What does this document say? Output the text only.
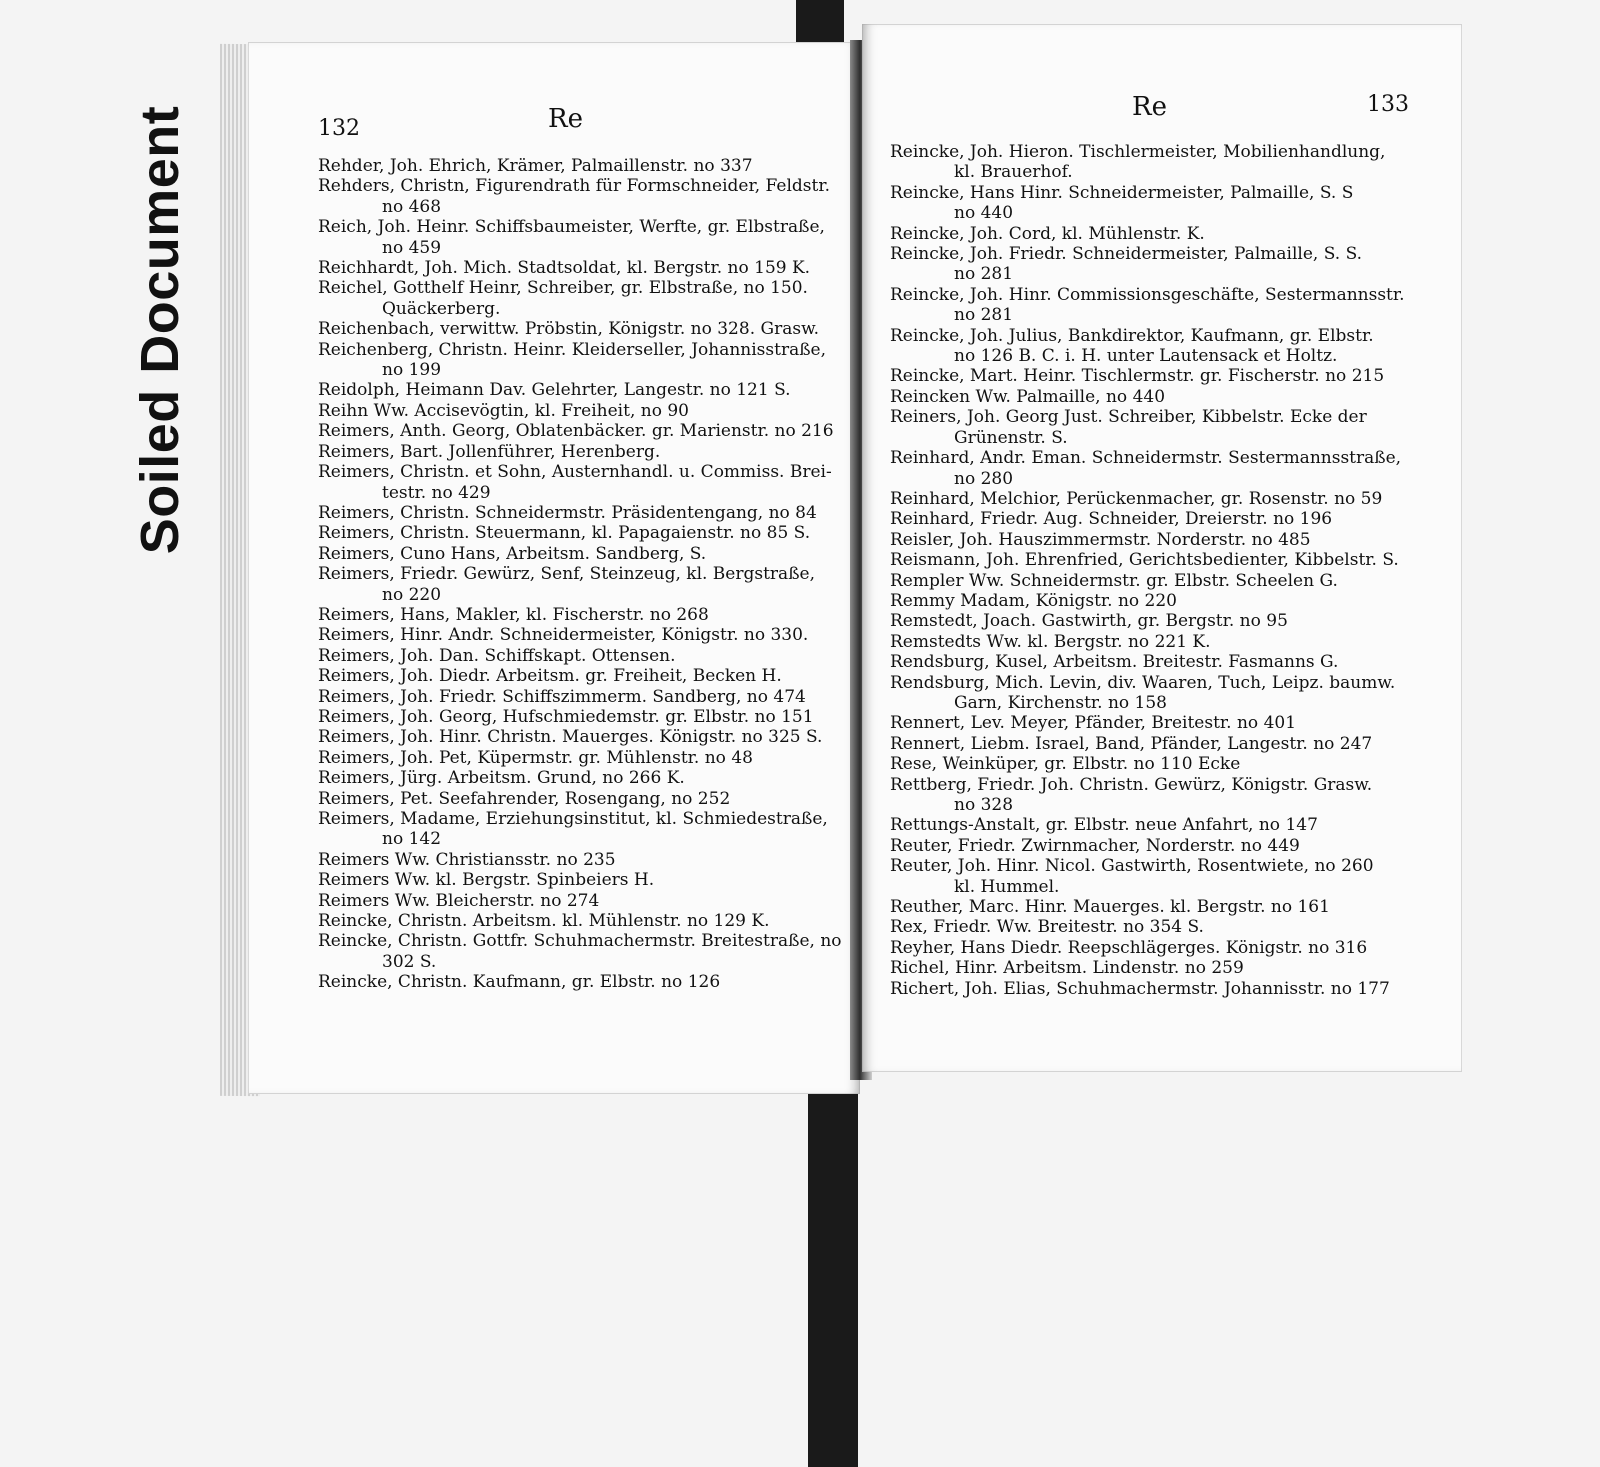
Soiled Document	132	Re
Rehder, Joh. Ehrich, Krämer, Palmaillenstr. no 337
Rehders, Christn, Figurendrath für Formschneider, Feldstr.
no 468
Reich, Joh. Heinr. Schiffsbaumeister, Werfte, gr. Elbstraße,
no 459
Reichhardt, Joh. Mich. Stadtsoldat, kl. Bergstr. no 159 K.
Reichel, Gotthelf Heinr, Schreiber, gr. Elbstraße, no 150.
Quäckerberg.
Reichenbach, verwittw. Pröbstin, Königstr. no 328. Grasw.
Reichenberg, Christn. Heinr. Kleiderseller, Johannisstraße,
no 199
Reidolph, Heimann Dav. Gelehrter, Langestr. no 121 S.
Reihn Ww. Accisevögtin, kl. Freiheit, no 90
Reimers, Anth. Georg, Oblatenbäcker. gr. Marienstr. no 216
Reimers, Bart. Jollenführer, Herenberg.
Reimers, Christn. et Sohn, Austernhandl. u. Commiss. Brei-
testr. no 429
Reimers, Christn. Schneidermstr. Präsidentengang, no 84
Reimers, Christn. Steuermann, kl. Papagaienstr. no 85 S.
Reimers, Cuno Hans, Arbeitsm. Sandberg, S.
Reimers, Friedr. Gewürz, Senf, Steinzeug, kl. Bergstraße,
no 220
Reimers, Hans, Makler, kl. Fischerstr. no 268
Reimers, Hinr. Andr. Schneidermeister, Königstr. no 330.
Reimers, Joh. Dan. Schiffskapt. Ottensen.
Reimers, Joh. Diedr. Arbeitsm. gr. Freiheit, Becken H.
Reimers, Joh. Friedr. Schiffszimmerm. Sandberg, no 474
Reimers, Joh. Georg, Hufschmiedemstr. gr. Elbstr. no 151
Reimers, Joh. Hinr. Christn. Mauerges. Königstr. no 325 S.
Reimers, Joh. Pet, Küpermstr. gr. Mühlenstr. no 48
Reimers, Jürg. Arbeitsm. Grund, no 266 K.
Reimers, Pet. Seefahrender, Rosengang, no 252
Reimers, Madame, Erziehungsinstitut, kl. Schmiedestraße,
no 142
Reimers Ww. Christiansstr. no 235
Reimers Ww. kl. Bergstr. Spinbeiers H.
Reimers Ww. Bleicherstr. no 274
Reincke, Christn. Arbeitsm. kl. Mühlenstr. no 129 K.
Reincke, Christn. Gottfr. Schuhmachermstr. Breitestraße, no
302 S.
Reincke, Christn. Kaufmann, gr. Elbstr. no 126
Re	133
Reincke, Joh. Hieron. Tischlermeister, Mobilienhandlung,
kl. Brauerhof.
Reincke, Hans Hinr. Schneidermeister, Palmaille, S. S
no 440
Reincke, Joh. Cord, kl. Mühlenstr. K.
Reincke, Joh. Friedr. Schneidermeister, Palmaille, S. S.
no 281
Reincke, Joh. Hinr. Commissionsgeschäfte, Sestermannsstr.
no 281
Reincke, Joh. Julius, Bankdirektor, Kaufmann, gr. Elbstr.
no 126 B. C. i. H. unter Lautensack et Holtz.
Reincke, Mart. Heinr. Tischlermstr. gr. Fischerstr. no 215
Reincken Ww. Palmaille, no 440
Reiners, Joh. Georg Just. Schreiber, Kibbelstr. Ecke der
Grünenstr. S.
Reinhard, Andr. Eman. Schneidermstr. Sestermannsstraße,
no 280
Reinhard, Melchior, Perückenmacher, gr. Rosenstr. no 59
Reinhard, Friedr. Aug. Schneider, Dreierstr. no 196
Reisler, Joh. Hauszimmermstr. Norderstr. no 485
Reismann, Joh. Ehrenfried, Gerichtsbedienter, Kibbelstr. S.
Rempler Ww. Schneidermstr. gr. Elbstr. Scheelen G.
Remmy Madam, Königstr. no 220
Remstedt, Joach. Gastwirth, gr. Bergstr. no 95
Remstedts Ww. kl. Bergstr. no 221 K.
Rendsburg, Kusel, Arbeitsm. Breitestr. Fasmanns G.
Rendsburg, Mich. Levin, div. Waaren, Tuch, Leipz. baumw.
Garn, Kirchenstr. no 158
Rennert, Lev. Meyer, Pfänder, Breitestr. no 401
Rennert, Liebm. Israel, Band, Pfänder, Langestr. no 247
Rese, Weinküper, gr. Elbstr. no 110 Ecke
Rettberg, Friedr. Joh. Christn. Gewürz, Königstr. Grasw.
no 328
Rettungs-Anstalt, gr. Elbstr. neue Anfahrt, no 147
Reuter, Friedr. Zwirnmacher, Norderstr. no 449
Reuter, Joh. Hinr. Nicol. Gastwirth, Rosentwiete, no 260
kl. Hummel.
Reuther, Marc. Hinr. Mauerges. kl. Bergstr. no 161
Rex, Friedr. Ww. Breitestr. no 354 S.
Reyher, Hans Diedr. Reepschlägerges. Königstr. no 316
Richel, Hinr. Arbeitsm. Lindenstr. no 259
Richert, Joh. Elias, Schuhmachermstr. Johannisstr. no 177
